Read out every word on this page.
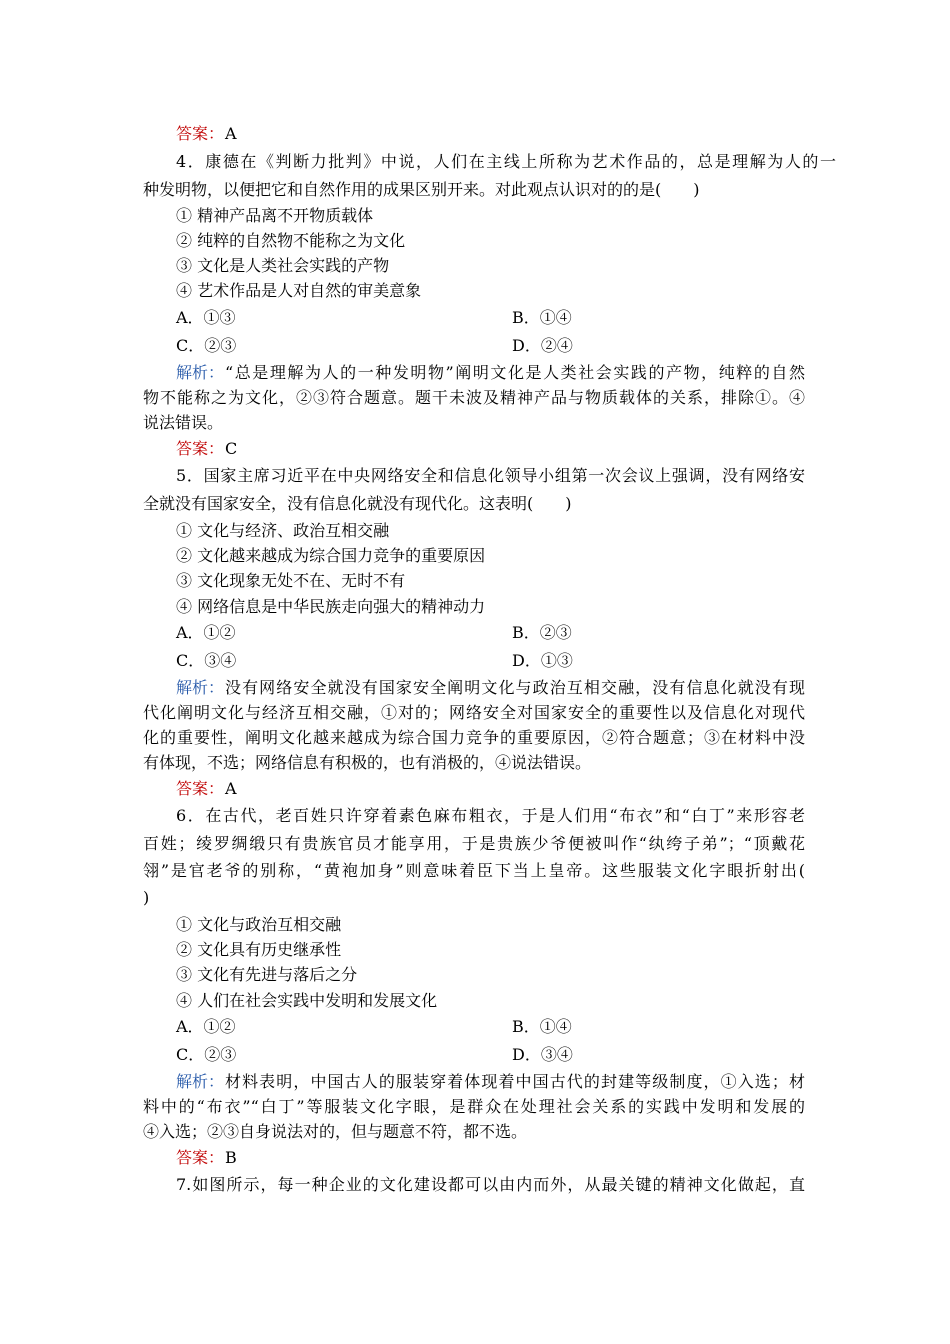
答案： A
4．康德在《判断力批判》中说，人们在主线上所称为艺术作品的，总是理解为人的一
种发明物，以便把它和自然作用的成果区别开来。对此观点认识对的的是(　　)
① 精神产品离不开物质载体
② 纯粹的自然物不能称之为文化
③ 文化是人类社会实践的产物
④ 艺术作品是人对自然的审美意象
A．①③	B．①④
C．②③	D．②④
解析： “总是理解为人的一种发明物”阐明文化是人类社会实践的产物，纯粹的自然
物不能称之为文化，②③符合题意。题干未波及精神产品与物质载体的关系，排除①。④
说法错误。
答案： C
5．国家主席习近平在中央网络安全和信息化领导小组第一次会议上强调，没有网络安
全就没有国家安全，没有信息化就没有现代化。这表明(　　)
① 文化与经济、政治互相交融
② 文化越来越成为综合国力竞争的重要原因
③ 文化现象无处不在、无时不有
④ 网络信息是中华民族走向强大的精神动力
A．①②	B．②③
C．③④	D．①③
解析： 没有网络安全就没有国家安全阐明文化与政治互相交融，没有信息化就没有现
代化阐明文化与经济互相交融，①对的；网络安全对国家安全的重要性以及信息化对现代
化的重要性，阐明文化越来越成为综合国力竞争的重要原因，②符合题意；③在材料中没
有体现，不选；网络信息有积极的，也有消极的，④说法错误。
答案： A
6．在古代，老百姓只许穿着素色麻布粗衣，于是人们用“布衣”和“白丁”来形容老
百姓；绫罗绸缎只有贵族官员才能享用，于是贵族少爷便被叫作“纨绔子弟”；“顶戴花
翎”是官老爷的别称，“黄袍加身”则意味着臣下当上皇帝。这些服装文化字眼折射出(
)
① 文化与政治互相交融
② 文化具有历史继承性
③ 文化有先进与落后之分
④ 人们在社会实践中发明和发展文化
A．①②	B．①④
C．②③	D．③④
解析： 材料表明，中国古人的服装穿着体现着中国古代的封建等级制度，①入选；材
料中的“布衣”“白丁”等服装文化字眼，是群众在处理社会关系的实践中发明和发展的
④入选；②③自身说法对的，但与题意不符，都不选。
答案： B
7.如图所示，每一种企业的文化建设都可以由内而外，从最关键的精神文化做起，直
